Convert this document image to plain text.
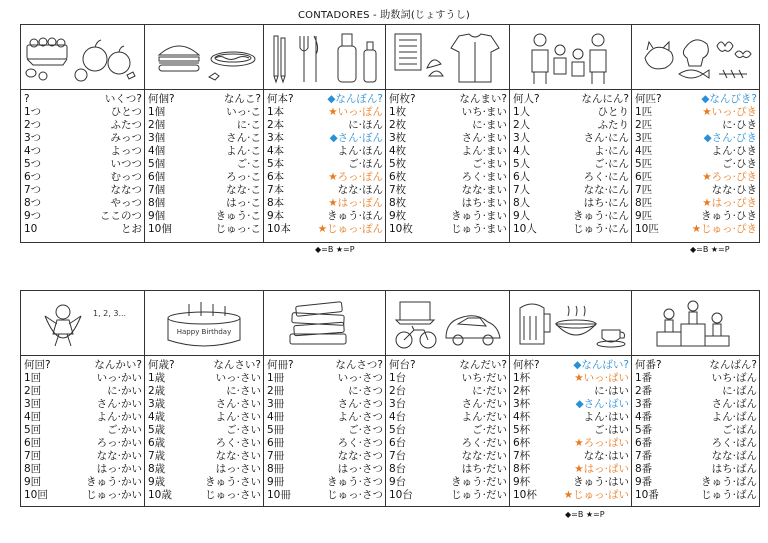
CONTADORES - 助数詞(じょすうし)
?	いくつ?
1つ	ひとつ
2つ	ふたつ
3つ	みっつ
4つ	よっつ
5つ	いつつ
6つ	むっつ
7つ	ななつ
8つ	やっつ
9つ	ここのつ
10	とお
何個?	なんこ?
1個	いっ·こ
2個	に·こ
3個	さん·こ
4個	よん·こ
5個	ご·こ
6個	ろっ·こ
7個	なな·こ
8個	はっ·こ
9個	きゅう·こ
10個	じゅっ·こ
何本?	◆なんぼん?
1本	★いっ·ぽん
2本	に·ほん
3本	◆さん·ぼん
4本	よん·ほん
5本	ご·ほん
6本	★ろっ·ぽん
7本	なな·ほん
8本	★はっ·ぽん
9本	きゅう·ほん
10本	★じゅっ·ぽん
何枚?	なんまい?
1枚	いち·まい
2枚	に·まい
3枚	さん·まい
4枚	よん·まい
5枚	ご·まい
6枚	ろく·まい
7枚	なな·まい
8枚	はち·まい
9枚	きゅう·まい
10枚	じゅう·まい
何人?	なんにん?
1人	ひとり
2人	ふたり
3人	さん·にん
4人	よ·にん
5人	ご·にん
6人	ろく·にん
7人	なな·にん
8人	はち·にん
9人	きゅう·にん
10人	じゅう·にん
何匹?	◆なんびき?
1匹	★いっ·ぴき
2匹	に·ひき
3匹	◆さん·びき
4匹	よん·ひき
5匹	ご·ひき
6匹	★ろっ·ぴき
7匹	なな·ひき
8匹	★はっ·ぴき
9匹	きゅう·ひき
10匹	★じゅっ·ぴき
◆=B ★=P	◆=B ★=P
1, 2, 3...
Happy Birthday
何回?	なんかい?
1回	いっ·かい
2回	に·かい
3回	さん·かい
4回	よん·かい
5回	ご·かい
6回	ろっ·かい
7回	なな·かい
8回	はっ·かい
9回	きゅう·かい
10回	じゅっ·かい
何歳?	なんさい?
1歳	いっ·さい
2歳	に·さい
3歳	さん·さい
4歳	よん·さい
5歳	ご·さい
6歳	ろく·さい
7歳	なな·さい
8歳	はっ·さい
9歳	きゅう·さい
10歳	じゅっ·さい
何冊?	なんさつ?
1冊	いっ·さつ
2冊	に·さつ
3冊	さん·さつ
4冊	よん·さつ
5冊	ご·さつ
6冊	ろく·さつ
7冊	なな·さつ
8冊	はっ·さつ
9冊	きゅう·さつ
10冊	じゅっ·さつ
何台?	なんだい?
1台	いち·だい
2台	に·だい
3台	さん·だい
4台	よん·だい
5台	ご·だい
6台	ろく·だい
7台	なな·だい
8台	はち·だい
9台	きゅう·だい
10台	じゅう·だい
何杯?	◆なんばい?
1杯	★いっ·ぱい
2杯	に·はい
3杯	◆さん·ばい
4杯	よん·はい
5杯	ご·はい
6杯	★ろっ·ぱい
7杯	なな·はい
8杯	★はっ·ぱい
9杯	きゅう·はい
10杯	★じゅっ·ぱい
何番?	なんばん?
1番	いち·ばん
2番	に·ばん
3番	さん·ばん
4番	よん·ばん
5番	ご·ばん
6番	ろく·ばん
7番	なな·ばん
8番	はち·ばん
9番	きゅう·ばん
10番	じゅう·ばん
◆=B ★=P
